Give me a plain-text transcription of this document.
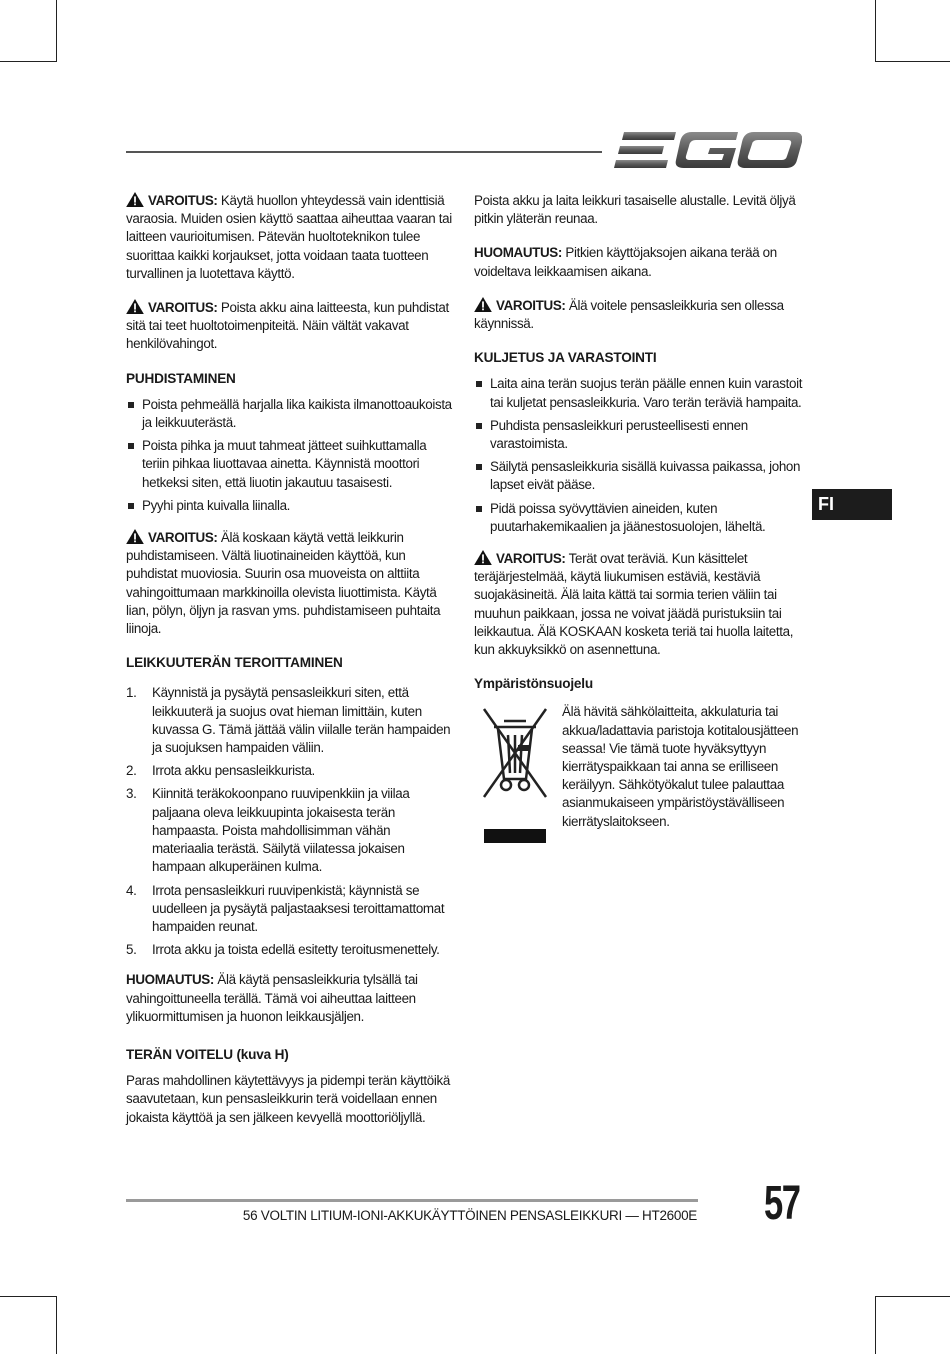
VAROITUS: Käytä huollon yhteydessä vain identtisiä varaosia. Muiden osien käyttö saattaa aiheuttaa vaaran tai laitteen vaurioitumisen. Pätevän huoltoteknikon tulee suorittaa kaikki korjaukset, jotta voidaan taata tuotteen turvallinen ja luotettava käyttö.

VAROITUS: Poista akku aina laitteesta, kun puhdistat sitä tai teet huoltotoimenpiteitä. Näin vältät vakavat henkilövahingot.

PUHDISTAMINEN
Poista pehmeällä harjalla lika kaikista ilmanottoaukoista ja leikkuuterästä.
Poista pihka ja muut tahmeat jätteet suihkuttamalla teriin pihkaa liuottavaa ainetta. Käynnistä moottori hetkeksi siten, että liuotin jakautuu tasaisesti.
Pyyhi pinta kuivalla liinalla.

VAROITUS: Älä koskaan käytä vettä leikkurin puhdistamiseen. Vältä liuotinaineiden käyttöä, kun puhdistat muoviosia. Suurin osa muoveista on alttiita vahingoittumaan markkinoilla olevista liuottimista. Käytä lian, pölyn, öljyn ja rasvan yms. puhdistamiseen puhtaita liinoja.

LEIKKUUTERÄN TEROITTAMINEN
1. Käynnistä ja pysäytä pensasleikkuri siten, että leikkuuterä ja suojus ovat hieman limittäin, kuten kuvassa G. Tämä jättää välin viilalle terän hampaiden ja suojuksen hampaiden väliin.
2. Irrota akku pensasleikkurista.
3. Kiinnitä teräkokoonpano ruuvipenkkiin ja viilaa paljaana oleva leikkuupinta jokaisesta terän hampaasta. Poista mahdollisimman vähän materiaalia terästä. Säilytä viilatessa jokaisen hampaan alkuperäinen kulma.
4. Irrota pensasleikkuri ruuvipenkistä; käynnistä se uudelleen ja pysäytä paljastaaksesi teroittamattomat hampaiden reunat.
5. Irrota akku ja toista edellä esitetty teroitusmenettely.

HUOMAUTUS: Älä käytä pensasleikkuria tylsällä tai vahingoittuneella terällä. Tämä voi aiheuttaa laitteen ylikuormittumisen ja huonon leikkausjäljen.

TERÄN VOITELU (kuva H)

Paras mahdollinen käytettävyys ja pidempi terän käyttöikä saavutetaan, kun pensasleikkurin terä voidellaan ennen jokaista käyttöä ja sen jälkeen kevyellä moottoriöljyllä.

Poista akku ja laita leikkuri tasaiselle alustalle. Levitä öljyä pitkin yläterän reunaa.

HUOMAUTUS: Pitkien käyttöjaksojen aikana terää on voideltava leikkaamisen aikana.

VAROITUS: Älä voitele pensasleikkuria sen ollessa käynnissä.

KULJETUS JA VARASTOINTI
Laita aina terän suojus terän päälle ennen kuin varastoit tai kuljetat pensasleikkuria. Varo terän teräviä hampaita.
Puhdista pensasleikkuri perusteellisesti ennen varastoimista.
Säilytä pensasleikkuria sisällä kuivassa paikassa, johon lapset eivät pääse.
Pidä poissa syövyttävien aineiden, kuten puutarhakemikaalien ja jäänestosuolojen, läheltä.

VAROITUS: Terät ovat teräviä. Kun käsittelet teräjärjestelmää, käytä liukumisen estäviä, kestäviä suojakäsineitä. Älä laita kättä tai sormia terien väliin tai muuhun paikkaan, jossa ne voivat jäädä puristuksiin tai leikkautua. Älä KOSKAAN kosketa teriä tai huolla laitetta, kun akkuyksikkö on asennettuna.

Ympäristönsuojelu
Älä hävitä sähkölaitteita, akkulaturia tai akkua/ladattavia paristoja kotitalousjätteen seassa! Vie tämä tuote hyväksyttyyn kierrätyspaikkaan tai anna se erilliseen keräilyyn. Sähkötyökalut tulee palauttaa asianmukaiseen ympäristöystävälliseen kierrätyslaitokseen.
FI
56 VOLTIN LITIUM-IONI-AKKUKÄYTTÖINEN PENSASLEIKKURI — HT2600E 57
